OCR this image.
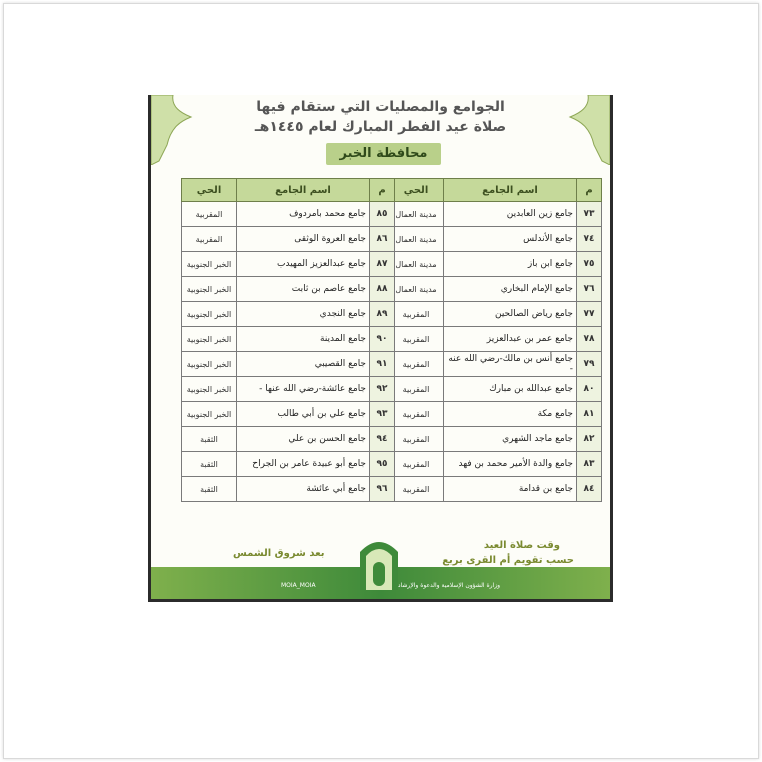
الجوامع والمصليات التي ستقام فيها
صلاة عيد الفطر المبارك لعام ١٤٤٥هـ
محافظة الخبر
م	اسم الجامع	الحي
٧٣	جامع زين العابدين	مدينة العمال
٧٤	جامع الأندلس	مدينة العمال
٧٥	جامع ابن باز	مدينة العمال
٧٦	جامع الإمام البخاري	مدينة العمال
٧٧	جامع رياض الصالحين	المقربية
٧٨	جامع عمر بن عبدالعزيز	المقربية
٧٩	جامع أنس بن مالك-رضي الله عنه -	المقربية
٨٠	جامع عبدالله بن مبارك	المقربية
٨١	جامع مكة	المقربية
٨٢	جامع ماجد الشهري	المقربية
٨٣	جامع والدة الأمير محمد بن فهد	المقربية
٨٤	جامع بن قدامة	المقربية
م	اسم الجامع	الحي
٨٥	جامع محمد بامردوف	المقربية
٨٦	جامع العروة الوثقى	المقربية
٨٧	جامع عبدالعزيز المهيدب	الخبر الجنوبية
٨٨	جامع عاصم بن ثابت	الخبر الجنوبية
٨٩	جامع النجدي	الخبر الجنوبية
٩٠	جامع المدينة	الخبر الجنوبية
٩١	جامع القصيبي	الخبر الجنوبية
٩٢	جامع عائشة-رضي الله عنها -	الخبر الجنوبية
٩٣	جامع علي بن أبي طالب	الخبر الجنوبية
٩٤	جامع الحسن بن علي	الثقبة
٩٥	جامع أبو عبيدة عامر بن الجراح	الثقبة
٩٦	جامع أبي عائشة	الثقبة
وقت صلاة العيد
حسب تقويم أم القرى بربع
بعد شروق الشمس
وزارة الشؤون الإسلامية والدعوة والإرشاد
MOIA_MOIA
